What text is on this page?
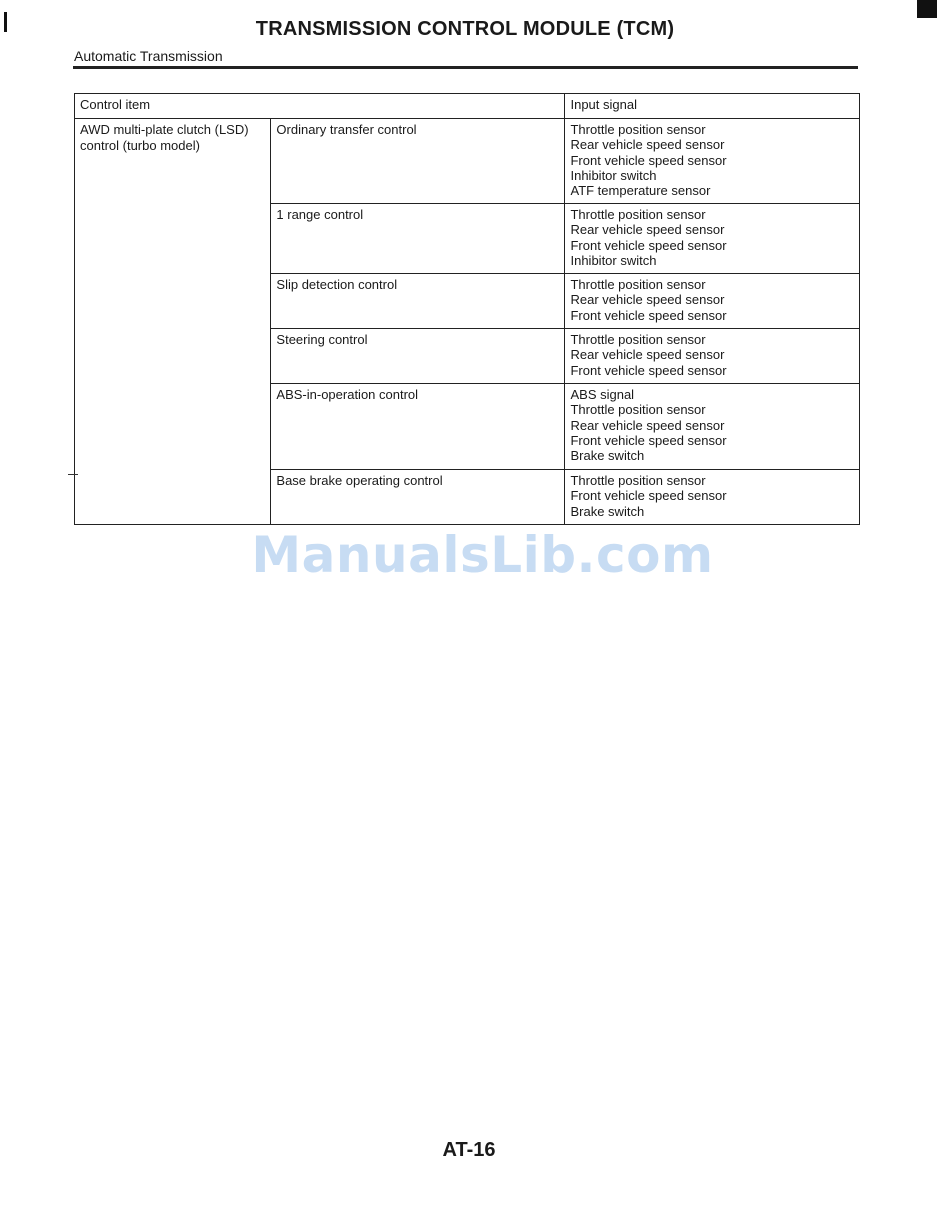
TRANSMISSION CONTROL MODULE (TCM)
Automatic Transmission
Control item		Input signal
AWD multi-plate clutch (LSD) control (turbo model)	Ordinary transfer control	Throttle position sensor
Rear vehicle speed sensor
Front vehicle speed sensor
Inhibitor switch
ATF temperature sensor

	1 range control	Throttle position sensor
Rear vehicle speed sensor
Front vehicle speed sensor
Inhibitor switch

	Slip detection control	Throttle position sensor
Rear vehicle speed sensor
Front vehicle speed sensor

	Steering control	Throttle position sensor
Rear vehicle speed sensor
Front vehicle speed sensor

	ABS-in-operation control	ABS signal
Throttle position sensor
Rear vehicle speed sensor
Front vehicle speed sensor
Brake switch

	Base brake operating control	Throttle position sensor
Front vehicle speed sensor
Brake switch
ManualsLib.com
AT-16
